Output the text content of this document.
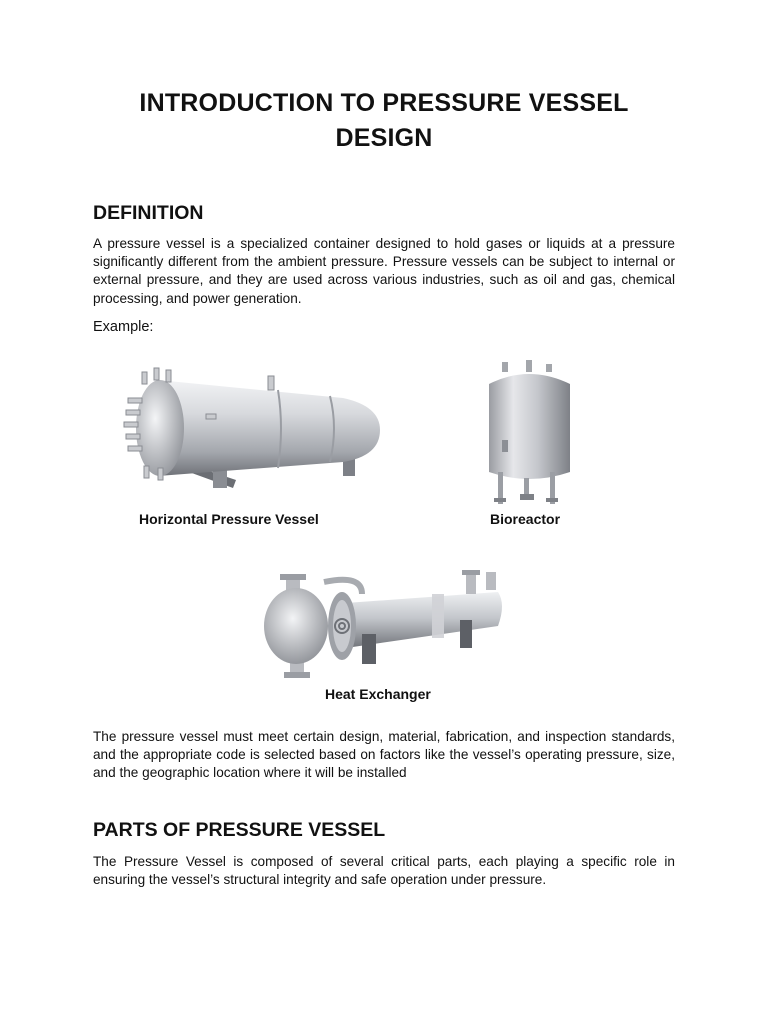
INTRODUCTION TO PRESSURE VESSEL
DESIGN
DEFINITION

A pressure vessel is a specialized container designed to hold gases or liquids at a pressure significantly different from the ambient pressure. Pressure vessels can be subject to internal or external pressure, and they are used across various industries, such as oil and gas, chemical processing, and power generation.

Example:
Horizontal Pressure Vessel	Bioreactor
Heat Exchanger

The pressure vessel must meet certain design, material, fabrication, and inspection standards, and the appropriate code is selected based on factors like the vessel’s operating pressure, size, and the geographic location where it will be installed

PARTS OF PRESSURE VESSEL

The Pressure Vessel is composed of several critical parts, each playing a specific role in ensuring the vessel’s structural integrity and safe operation under pressure.
